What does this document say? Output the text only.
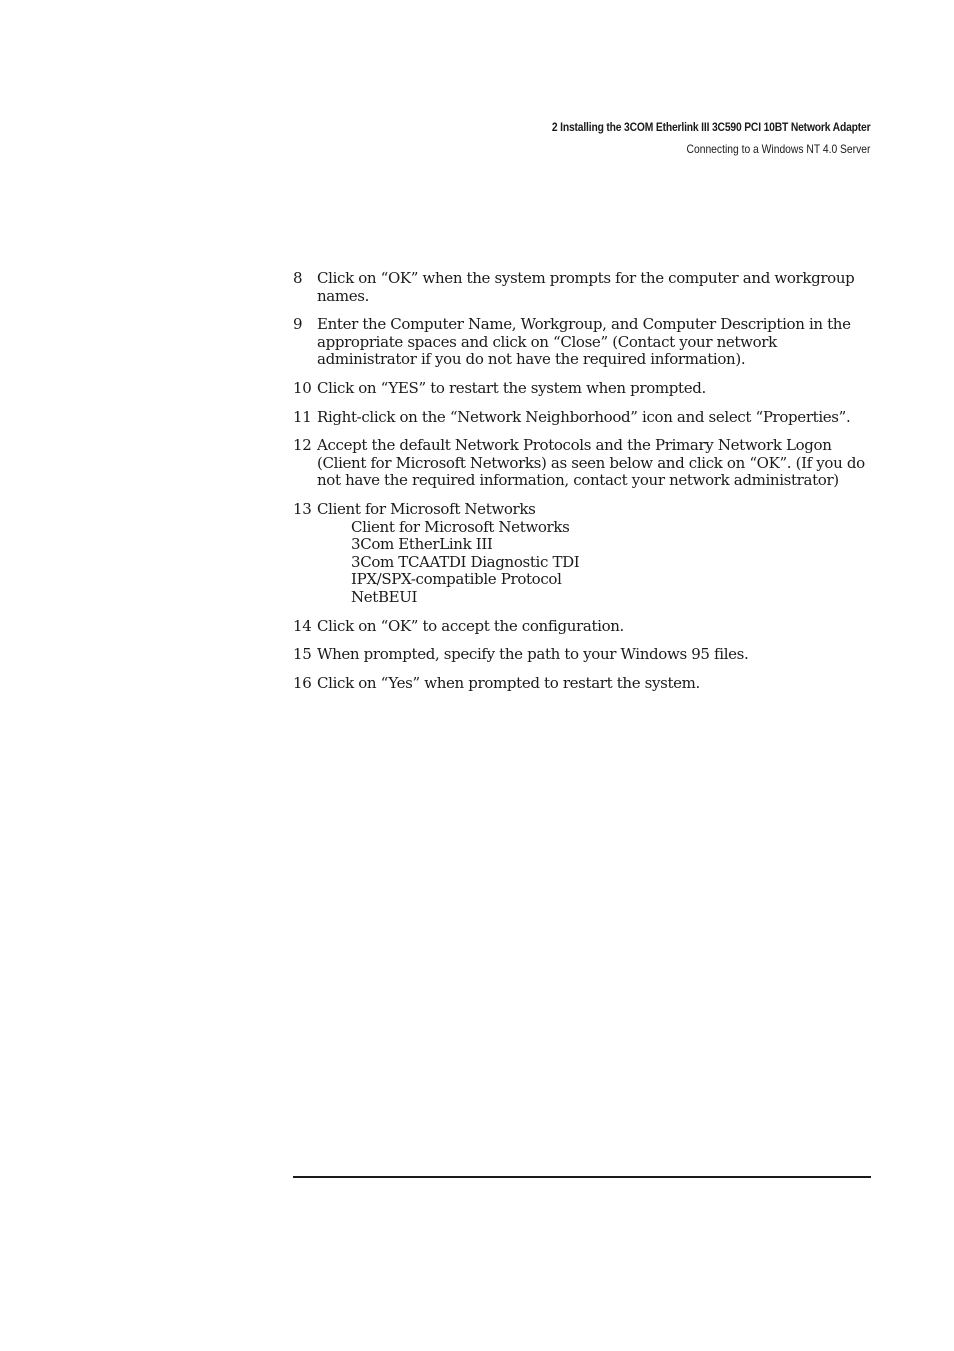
2 Installing the 3COM Etherlink III 3C590 PCI 10BT Network Adapter
Connecting to a Windows NT 4.0 Server
8 Click on “OK” when the system prompts for the computer and workgroup names.
9 Enter the Computer Name, Workgroup, and Computer Description in the appropriate spaces and click on “Close” (Contact your network administrator if you do not have the required information).
10 Click on “YES” to restart the system when prompted.
11 Right-click on the “Network Neighborhood” icon and select “Properties”.
12 Accept the default Network Protocols and the Primary Network Logon (Client for Microsoft Networks) as seen below and click on “OK”. (If you do not have the required information, contact your network administrator)
13 Client for Microsoft Networks
Client for Microsoft Networks
3Com EtherLink III
3Com TCAATDI Diagnostic TDI
IPX/SPX-compatible Protocol
NetBEUI
14 Click on “OK” to accept the configuration.
15 When prompted, specify the path to your Windows 95 files.
16 Click on “Yes” when prompted to restart the system.
